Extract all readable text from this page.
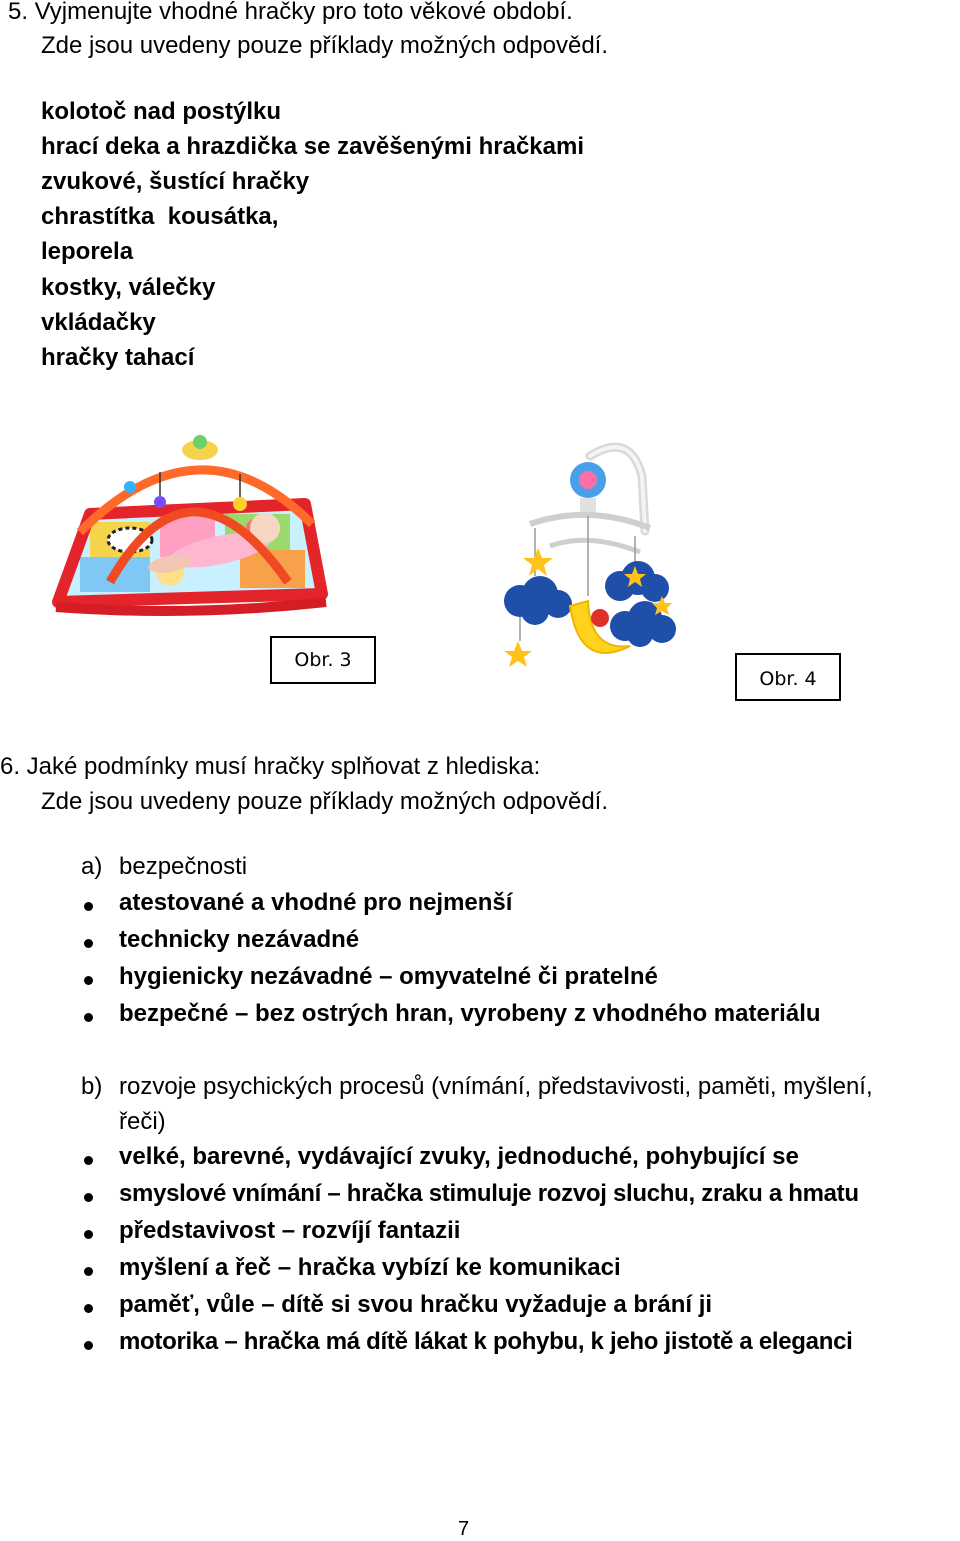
5. Vyjmenujte vhodné hračky pro toto věkové období.
Zde jsou uvedeny pouze příklady možných odpovědí.
kolotoč nad postýlku
hrací deka a hrazdička se zavěšenými hračkami
zvukové, šustící hračky
chrastítka  kousátka,
leporela
kostky, válečky
vkládačky
hračky tahací
Obr. 3
Obr. 4
6. Jaké podmínky musí hračky splňovat z hlediska:
Zde jsou uvedeny pouze příklady možných odpovědí.
a) bezpečnosti
atestované a vhodné pro nejmenší
technicky nezávadné
hygienicky nezávadné – omyvatelné či pratelné
bezpečné – bez ostrých hran, vyrobeny z vhodného materiálu
b) rozvoje psychických procesů (vnímání, představivosti, paměti, myšlení,
řeči)
velké, barevné, vydávající zvuky, jednoduché, pohybující se
smyslové vnímání – hračka stimuluje rozvoj sluchu, zraku a hmatu
představivost – rozvíjí fantazii
myšlení a řeč – hračka vybízí ke komunikaci
paměť, vůle – dítě si svou hračku vyžaduje a brání ji
motorika – hračka má dítě lákat k pohybu, k jeho jistotě a eleganci
7
